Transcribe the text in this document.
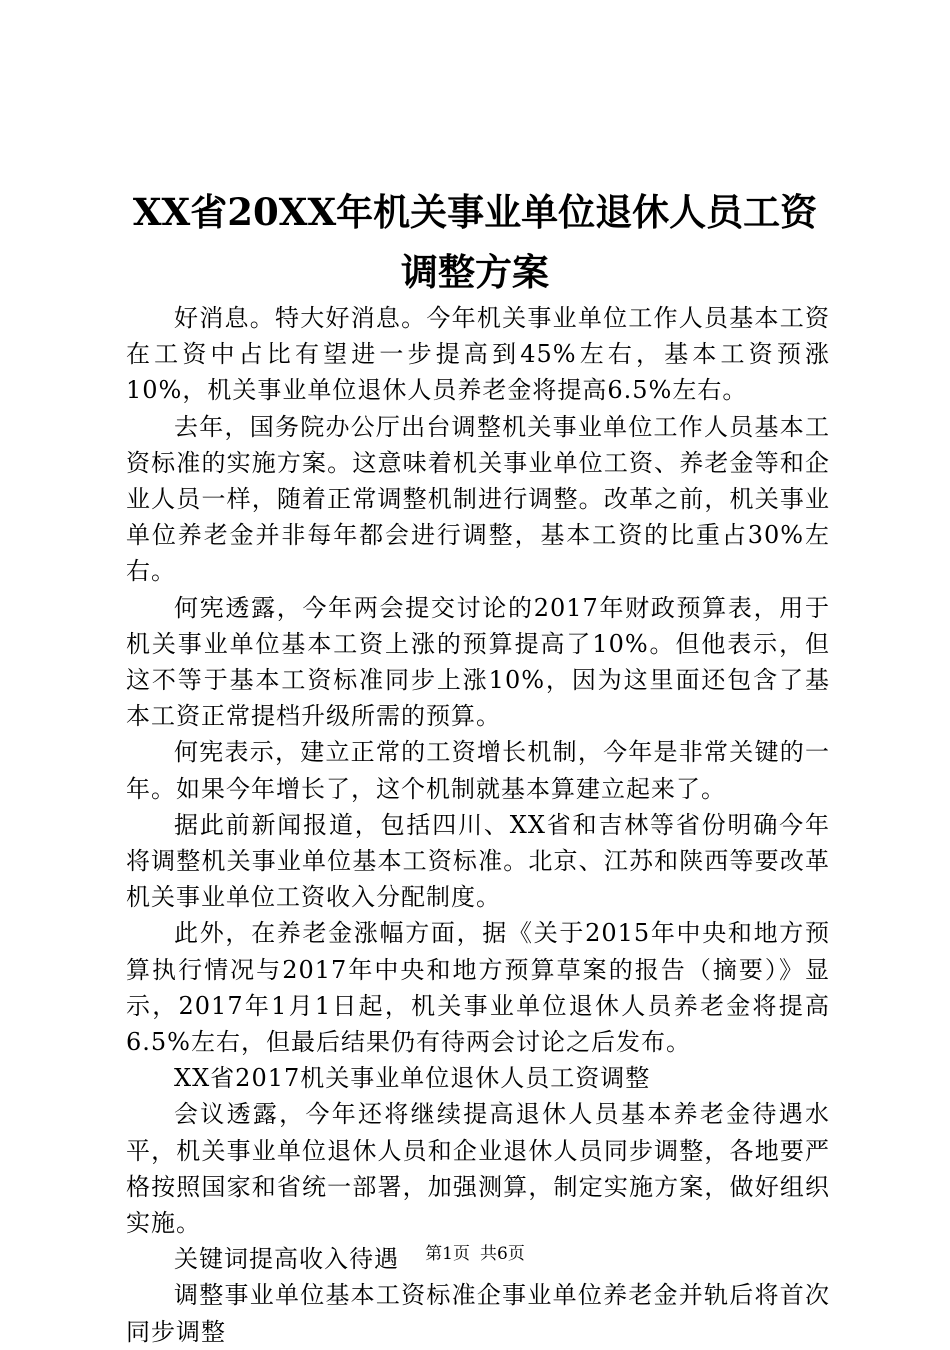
XX省20XX年机关事业单位退休人员工资调整方案

好消息。特大好消息。今年机关事业单位工作人员基本工资在工资中占比有望进一步提高到45%左右，基本工资预涨10%，机关事业单位退休人员养老金将提高6.5%左右。

去年，国务院办公厅出台调整机关事业单位工作人员基本工资标准的实施方案。这意味着机关事业单位工资、养老金等和企业人员一样，随着正常调整机制进行调整。改革之前，机关事业单位养老金并非每年都会进行调整，基本工资的比重占30%左右。

何宪透露，今年两会提交讨论的2017年财政预算表，用于机关事业单位基本工资上涨的预算提高了10%。但他表示，但这不等于基本工资标准同步上涨10%，因为这里面还包含了基本工资正常提档升级所需的预算。

何宪表示，建立正常的工资增长机制，今年是非常关键的一年。如果今年增长了，这个机制就基本算建立起来了。

据此前新闻报道，包括四川、XX省和吉林等省份明确今年将调整机关事业单位基本工资标准。北京、江苏和陕西等要改革机关事业单位工资收入分配制度。

此外，在养老金涨幅方面，据《关于2015年中央和地方预算执行情况与2017年中央和地方预算草案的报告（摘要）》显示，2017年1月1日起，机关事业单位退休人员养老金将提高6.5%左右，但最后结果仍有待两会讨论之后发布。

XX省2017机关事业单位退休人员工资调整

会议透露，今年还将继续提高退休人员基本养老金待遇水平，机关事业单位退休人员和企业退休人员同步调整，各地要严格按照国家和省统一部署，加强测算，制定实施方案，做好组织实施。

关键词提高收入待遇

调整事业单位基本工资标准企事业单位养老金并轨后将首次同步调整

第1页 共6页
